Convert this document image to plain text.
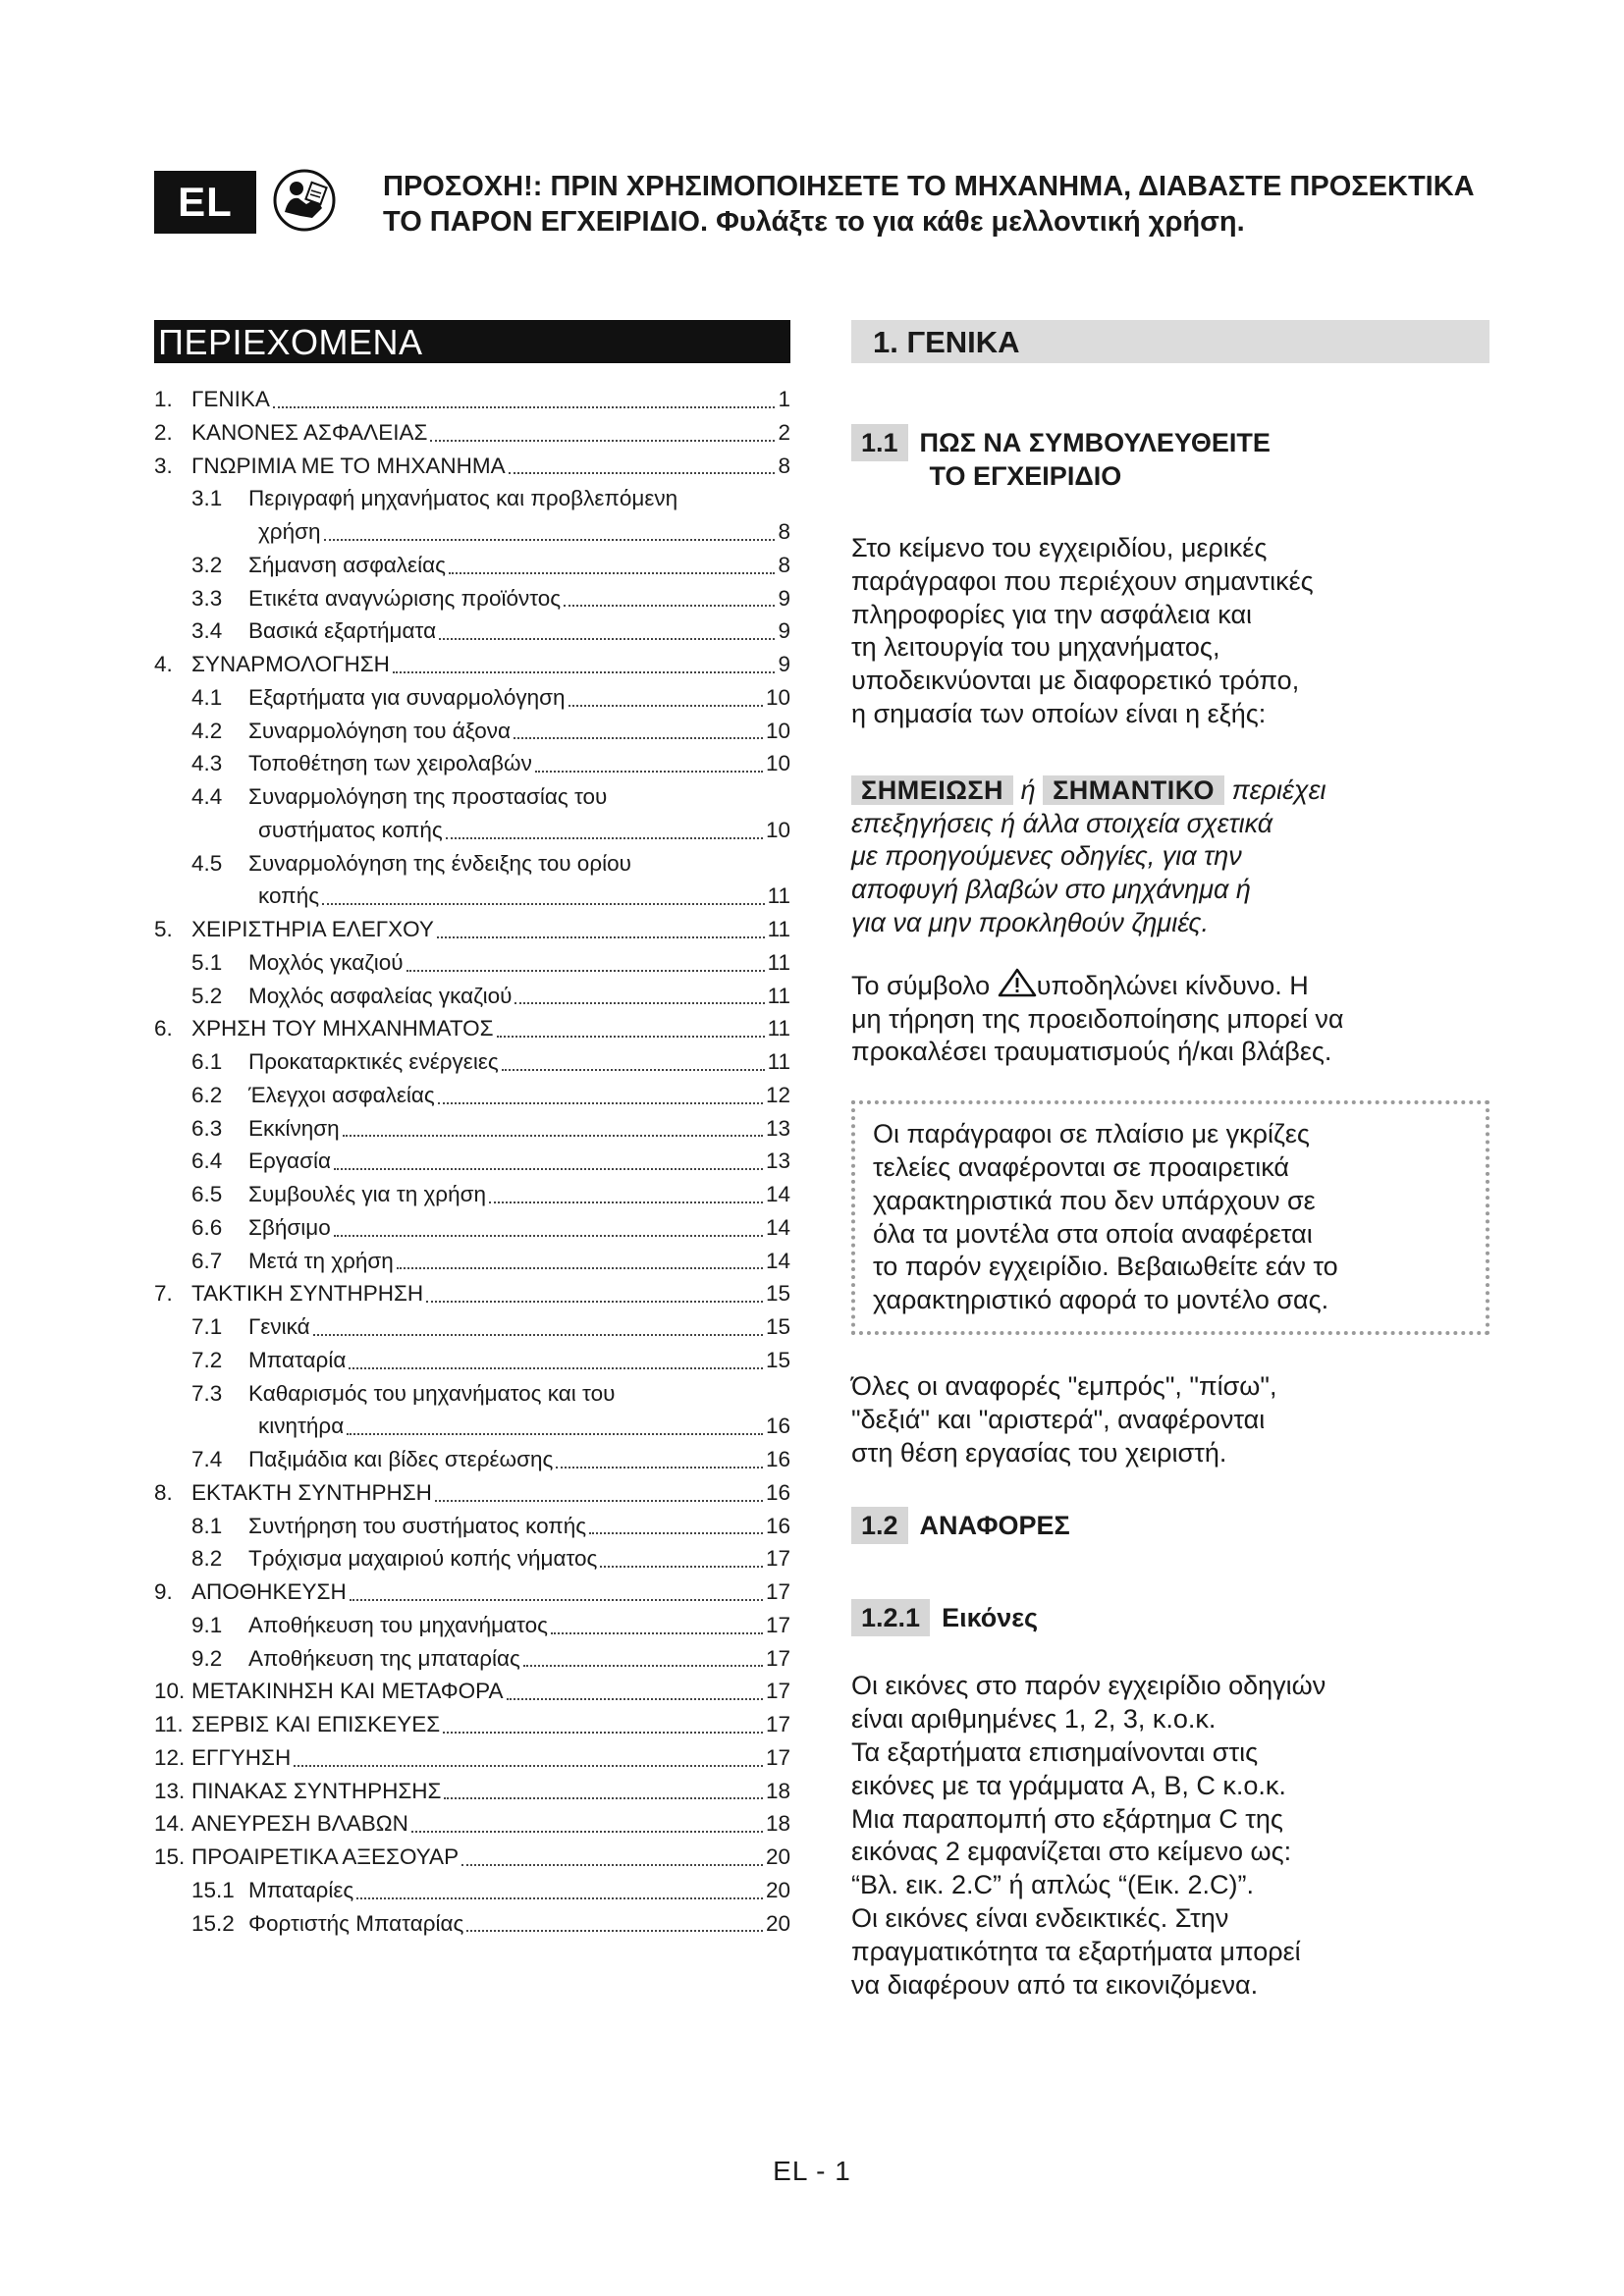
EL	ΠΡΟΣΟΧΗ!: ΠΡΙΝ ΧΡΗΣΙΜΟΠΟΙΗΣΕΤΕ ΤΟ ΜΗΧΑΝΗΜΑ, ΔΙΑΒΑΣΤΕ ΠΡΟΣΕΚΤΙΚΑ
ΤΟ ΠΑΡΟΝ ΕΓΧΕΙΡΙΔΙΟ. Φυλάξτε το για κάθε μελλοντική χρήση.
ΠΕΡΙΕΧΟΜΕΝΑ
1. ΓΕΝΙΚΑ	1
2. ΚΑΝΟΝΕΣ ΑΣΦΑΛΕΙΑΣ	2
3. ΓΝΩΡΙΜΙΑ ΜΕ ΤΟ ΜΗΧΑΝΗΜΑ	8
3.1	Περιγραφή μηχανήματος και προβλεπόμενη
χρήση	8
3.2	Σήμανση ασφαλείας	8
3.3	Ετικέτα αναγνώρισης προϊόντος	9
3.4	Βασικά εξαρτήματα	9
4. ΣΥΝΑΡΜΟΛΟΓΗΣΗ	9
4.1	Εξαρτήματα για συναρμολόγηση	10
4.2	Συναρμολόγηση του άξονα	10
4.3	Τοποθέτηση των χειρολαβών	10
4.4	Συναρμολόγηση της προστασίας του
συστήματος κοπής	10
4.5	Συναρμολόγηση της ένδειξης του ορίου
κοπής	11
5. ΧΕΙΡΙΣΤΗΡΙΑ ΕΛΕΓΧΟΥ	11
5.1	Μοχλός γκαζιού	11
5.2	Μοχλός ασφαλείας γκαζιού	11
6. ΧΡΗΣΗ ΤΟΥ ΜΗΧΑΝΗΜΑΤΟΣ	11
6.1	Προκαταρκτικές ενέργειες	11
6.2	Έλεγχοι ασφαλείας	12
6.3	Εκκίνηση	13
6.4	Εργασία	13
6.5	Συμβουλές για τη χρήση	14
6.6	Σβήσιμο	14
6.7	Μετά τη χρήση	14
7. ΤΑΚΤΙΚΗ ΣΥΝΤΗΡΗΣΗ	15
7.1	Γενικά	15
7.2	Μπαταρία	15
7.3	Καθαρισμός του μηχανήματος και του
κινητήρα	16
7.4	Παξιμάδια και βίδες στερέωσης	16
8. ΕΚΤΑΚΤΗ ΣΥΝΤΗΡΗΣΗ	16
8.1	Συντήρηση του συστήματος κοπής	16
8.2	Τρόχισμα μαχαιριού κοπής νήματος	17
9. ΑΠΟΘΗΚΕΥΣΗ	17
9.1	Αποθήκευση του μηχανήματος	17
9.2	Αποθήκευση της μπαταρίας	17
10. ΜΕΤΑΚΙΝΗΣΗ ΚΑΙ ΜΕΤΑΦΟΡΑ	17
11. ΣΕΡΒΙΣ ΚΑΙ ΕΠΙΣΚΕΥΕΣ	17
12. ΕΓΓΥΗΣΗ	17
13. ΠΙΝΑΚΑΣ ΣΥΝΤΗΡΗΣΗΣ	18
14. ΑΝΕΥΡΕΣΗ ΒΛΑΒΩΝ	18
15. ΠΡΟΑΙΡΕΤΙΚΑ ΑΞΕΣΟΥΑΡ	20
15.1 Μπαταρίες	20
15.2 Φορτιστής Μπαταρίας	20
1. ΓΕΝΙΚΑ
1.1 ΠΩΣ ΝΑ ΣΥΜΒΟΥΛΕΥΘΕΙΤΕ
ΤΟ ΕΓΧΕΙΡΙΔΙΟ

Στο κείμενο του εγχειριδίου, μερικές

παράγραφοι που περιέχουν σημαντικές

πληροφορίες για την ασφάλεια και

τη λειτουργία του μηχανήματος,

υποδεικνύονται με διαφορετικό τρόπο,

η σημασία των οποίων είναι η εξής:

ΣΗΜΕΙΩΣΗ ή ΣΗΜΑΝΤΙΚΟ περιέχει

επεξηγήσεις ή άλλα στοιχεία σχετικά

με προηγούμενες οδηγίες, για την

αποφυγή βλαβών στο μηχάνημα ή

για να μην προκληθούν ζημιές.

Το σύμβολο υποδηλώνει κίνδυνο. Η

μη τήρηση της προειδοποίησης μπορεί να

προκαλέσει τραυματισμούς ή/και βλάβες.

Οι παράγραφοι σε πλαίσιο με γκρίζες

τελείες αναφέρονται σε προαιρετικά

χαρακτηριστικά που δεν υπάρχουν σε

όλα τα μοντέλα στα οποία αναφέρεται

το παρόν εγχειρίδιο. Βεβαιωθείτε εάν το

χαρακτηριστικό αφορά το μοντέλο σας.

Όλες οι αναφορές "εμπρός", "πίσω",

"δεξιά" και "αριστερά", αναφέρονται

στη θέση εργασίας του χειριστή.

1.2 ΑΝΑΦΟΡΕΣ
1.2.1 Εικόνες

Οι εικόνες στο παρόν εγχειρίδιο οδηγιών

είναι αριθμημένες 1, 2, 3, κ.ο.κ.

Τα εξαρτήματα επισημαίνονται στις

εικόνες με τα γράμματα A, B, C κ.ο.κ.

Μια παραπομπή στο εξάρτημα C της

εικόνας 2 εμφανίζεται στο κείμενο ως:

“Βλ. εικ. 2.C” ή απλώς “(Εικ. 2.C)”.

Οι εικόνες είναι ενδεικτικές. Στην

πραγματικότητα τα εξαρτήματα μπορεί

να διαφέρουν από τα εικονιζόμενα.

EL - 1
